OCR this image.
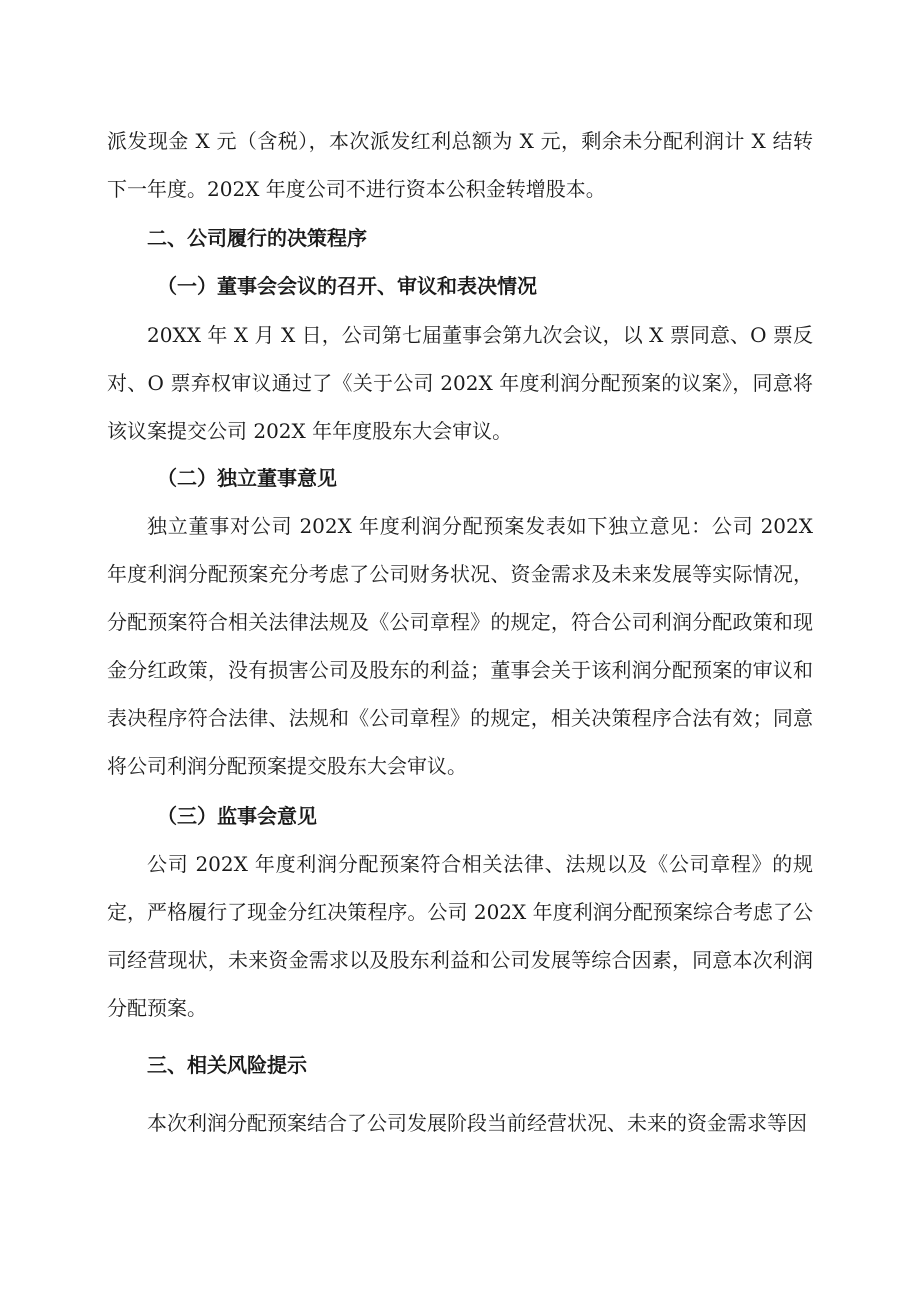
派发现金 X 元（含税），本次派发红利总额为 X 元，剩余未分配利润计 X 结转下一年度。202X 年度公司不进行资本公积金转增股本。

二、公司履行的决策程序

（一）董事会会议的召开、审议和表决情况

20XX 年 X 月 X 日，公司第七届董事会第九次会议，以 X 票同意、O 票反对、O 票弃权审议通过了《关于公司 202X 年度利润分配预案的议案》，同意将该议案提交公司 202X 年年度股东大会审议。

（二）独立董事意见

独立董事对公司 202X 年度利润分配预案发表如下独立意见：公司 202X 年度利润分配预案充分考虑了公司财务状况、资金需求及未来发展等实际情况，分配预案符合相关法律法规及《公司章程》的规定，符合公司利润分配政策和现金分红政策，没有损害公司及股东的利益；董事会关于该利润分配预案的审议和表决程序符合法律、法规和《公司章程》的规定，相关决策程序合法有效；同意将公司利润分配预案提交股东大会审议。

（三）监事会意见

公司 202X 年度利润分配预案符合相关法律、法规以及《公司章程》的规定，严格履行了现金分红决策程序。公司 202X 年度利润分配预案综合考虑了公司经营现状，未来资金需求以及股东利益和公司发展等综合因素，同意本次利润分配预案。

三、相关风险提示

本次利润分配预案结合了公司发展阶段当前经营状况、未来的资金需求等因
